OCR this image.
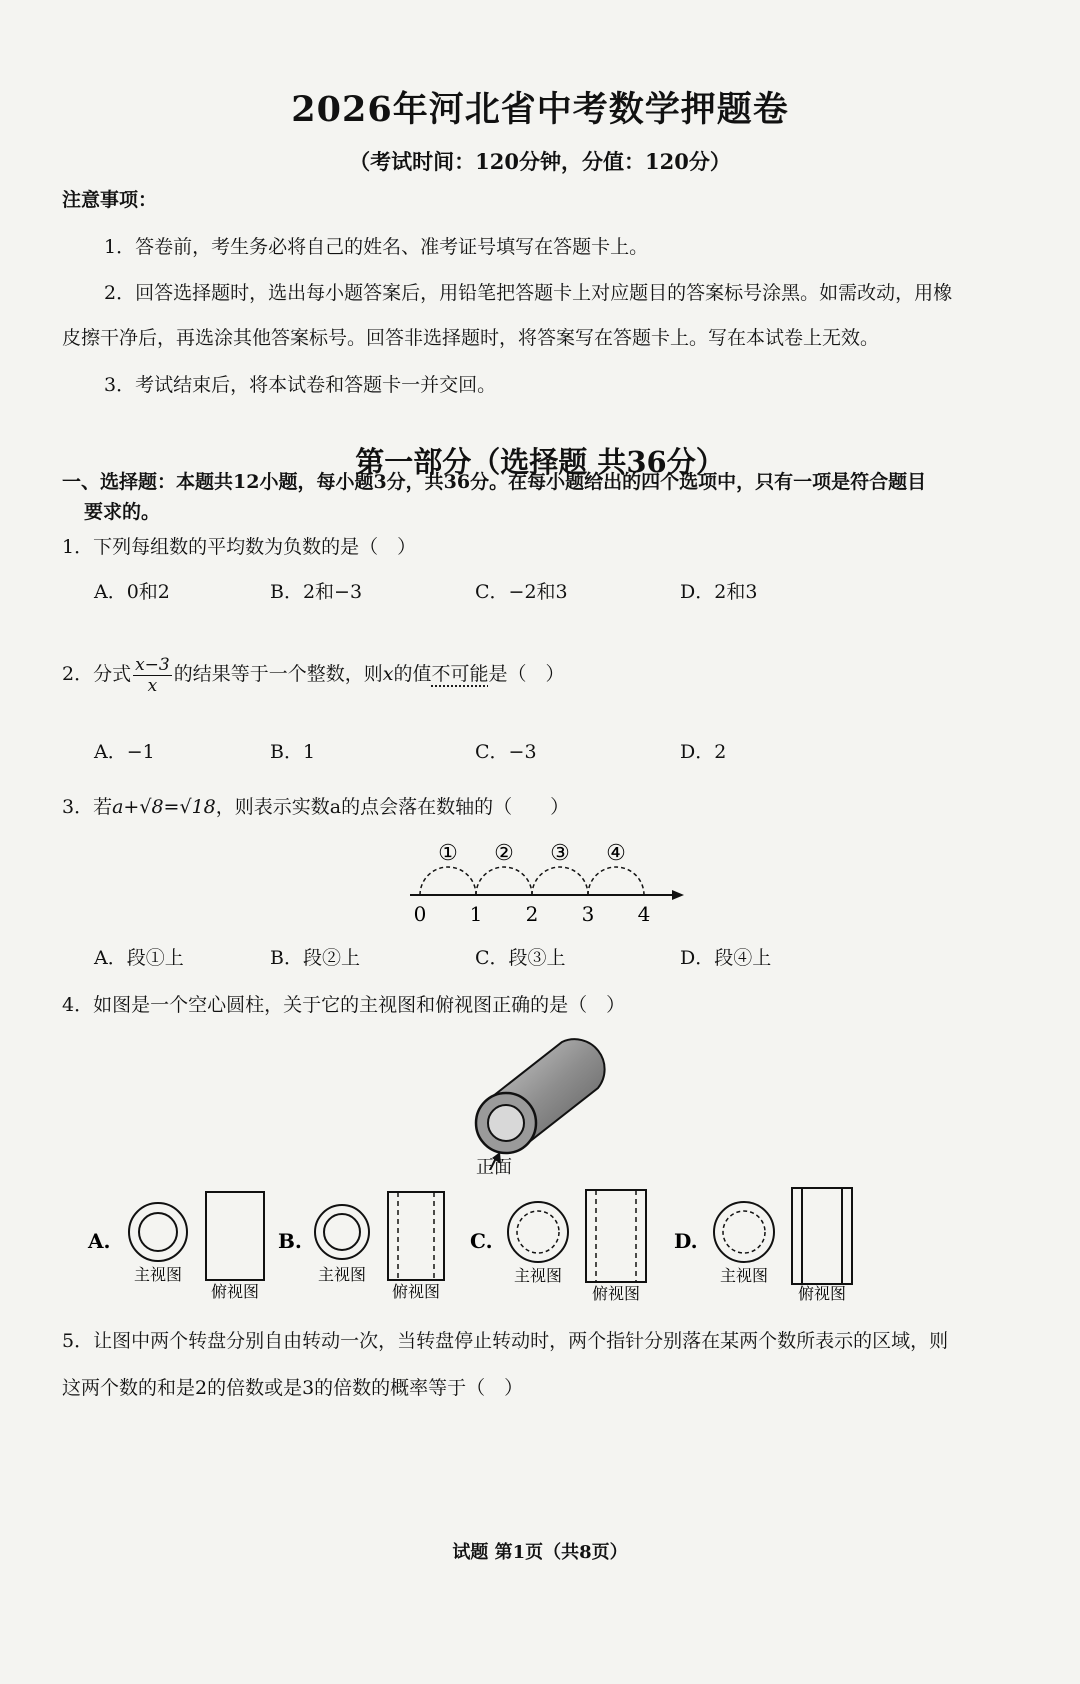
2026年河北省中考数学押题卷
（考试时间：120分钟，分值：120分）
注意事项：
1．答卷前，考生务必将自己的姓名、准考证号填写在答题卡上。
2．回答选择题时，选出每小题答案后，用铅笔把答题卡上对应题目的答案标号涂黑。如需改动，用橡
皮擦干净后，再选涂其他答案标号。回答非选择题时，将答案写在答题卡上。写在本试卷上无效。
3．考试结束后，将本试卷和答题卡一并交回。
第一部分（选择题 共36分）
一、选择题：本题共12小题，每小题3分，共36分。在每小题给出的四个选项中，只有一项是符合题目
要求的。
1．下列每组数的平均数为负数的是（　）
A．0和2	B．2和−3	C．−2和3	D．2和3
2．分式 $\frac{x-3}{x}$ 的结果等于一个整数，则x的值不可能是（　）
A．−1	B．1	C．−3	D．2
3．若a+√8=√18，则表示实数a的点会落在数轴的（　　）
① ② ③ ④
0 1 2 3 4
A．段①上	B．段②上	C．段③上	D．段④上
4．如图是一个空心圆柱，关于它的主视图和俯视图正确的是（　）
正面
A.
主视图
俯视图
B.
主视图
俯视图
C.
主视图
俯视图
D.
主视图
俯视图
5．让图中两个转盘分别自由转动一次，当转盘停止转动时，两个指针分别落在某两个数所表示的区域，则
这两个数的和是2的倍数或是3的倍数的概率等于（　）
试题 第1页（共8页）
